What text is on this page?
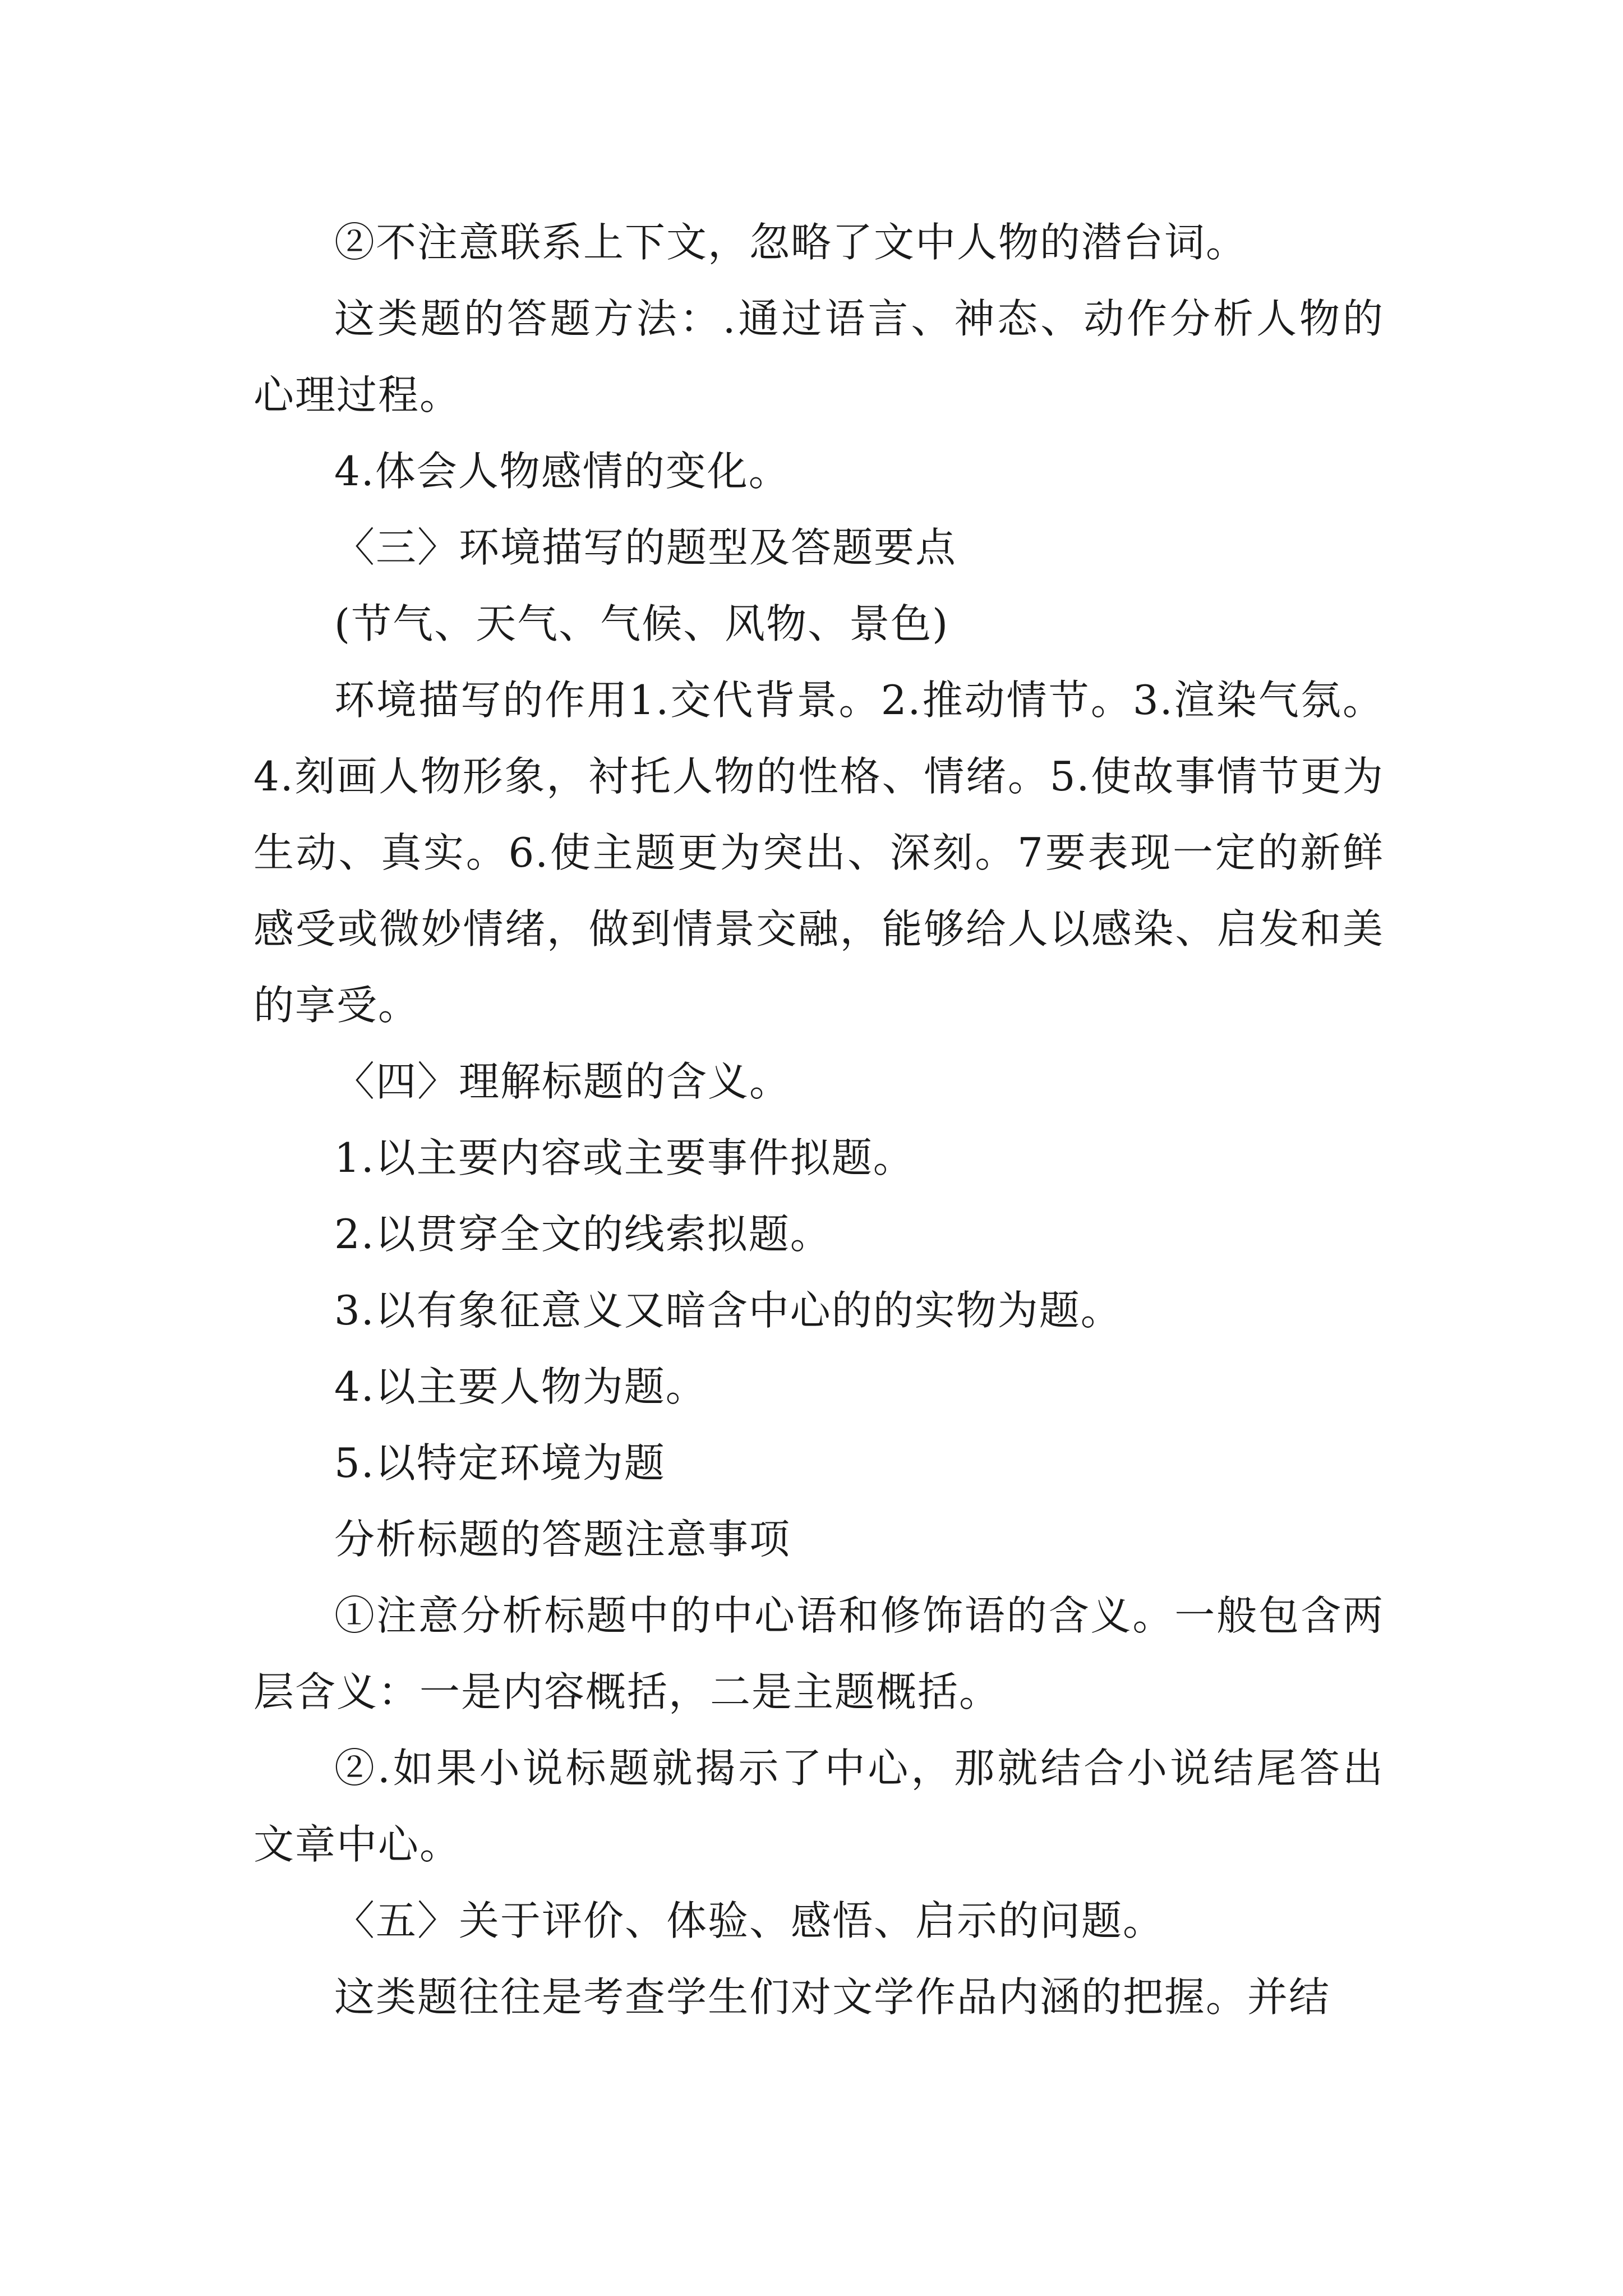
②不注意联系上下文，忽略了文中人物的潜台词。

这类题的答题方法：.通过语言、神态、动作分析人物的心理过程。

4.体会人物感情的变化。

〈三〉环境描写的题型及答题要点

(节气、天气、气候、风物、景色)

环境描写的作用1.交代背景。2.推动情节。3.渲染气氛。4.刻画人物形象，衬托人物的性格、情绪。5.使故事情节更为生动、真实。6.使主题更为突出、深刻。7要表现一定的新鲜感受或微妙情绪，做到情景交融，能够给人以感染、启发和美的享受。

〈四〉理解标题的含义。

1.以主要内容或主要事件拟题。

2.以贯穿全文的线索拟题。

3.以有象征意义又暗含中心的的实物为题。

4.以主要人物为题。

5.以特定环境为题

分析标题的答题注意事项

①注意分析标题中的中心语和修饰语的含义。一般包含两层含义：一是内容概括，二是主题概括。

②.如果小说标题就揭示了中心，那就结合小说结尾答出文章中心。

〈五〉关于评价、体验、感悟、启示的问题。

这类题往往是考查学生们对文学作品内涵的把握。并结
